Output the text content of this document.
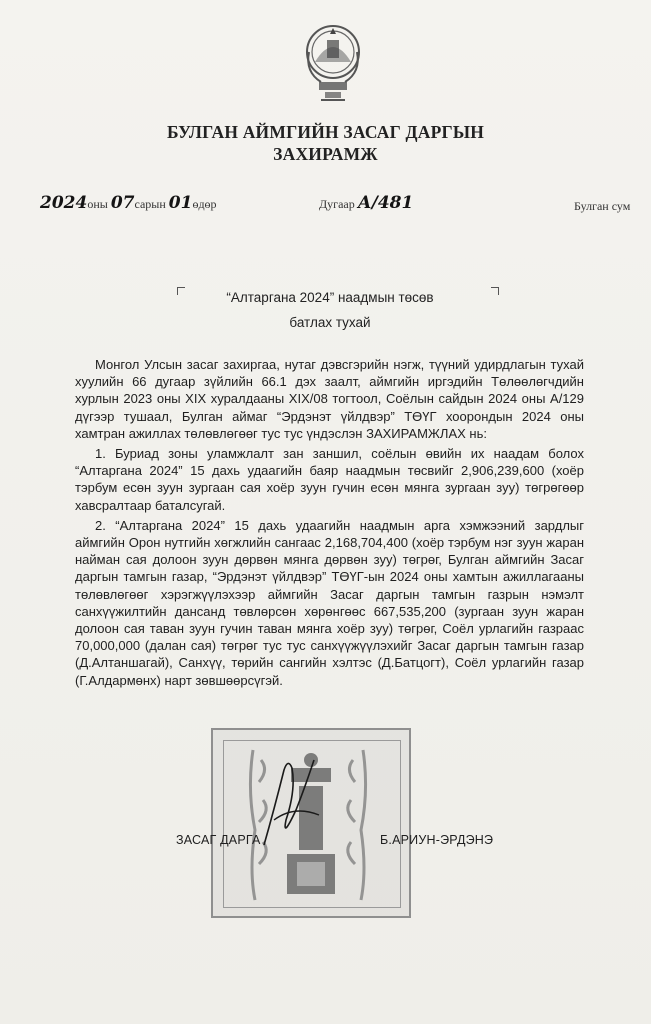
БУЛГАН АЙМГИЙН ЗАСАГ ДАРГЫН
ЗАХИРАМЖ
2024оны 07сарын 01өдөр	Дугаар А/481	Булган сум
“Алтаргана 2024” наадмын төсөв
батлах тухай

Монгол Улсын засаг захиргаа, нутаг дэвсгэрийн нэгж, түүний удирдлагын тухай хуулийн 66 дугаар зүйлийн 66.1 дэх заалт, аймгийн иргэдийн Төлөөлөгчдийн хурлын 2023 оны XIX хуралдааны XIX/08 тогтоол, Соёлын сайдын 2024 оны А/129 дүгээр тушаал, Булган аймаг “Эрдэнэт үйлдвэр” ТӨҮГ хоорондын 2024 оны хамтран ажиллах төлөвлөгөөг тус тус үндэслэн ЗАХИРАМЖЛАХ нь:

1. Буриад зоны уламжлалт зан заншил, соёлын өвийн их наадам болох “Алтаргана 2024” 15 дахь удаагийн баяр наадмын төсвийг 2,906,239,600 (хоёр тэрбум есөн зуун зургаан сая хоёр зуун гучин есөн мянга зургаан зуу) төгрөгөөр хавсралтаар баталсугай.

2. “Алтаргана 2024” 15 дахь удаагийн наадмын арга хэмжээний зардлыг аймгийн Орон нутгийн хөгжлийн сангаас 2,168,704,400 (хоёр тэрбум нэг зуун жаран найман сая долоон зуун дөрвөн мянга дөрвөн зуу) төгрөг, Булган аймгийн Засаг даргын тамгын газар, “Эрдэнэт үйлдвэр” ТӨҮГ-ын 2024 оны хамтын ажиллагааны төлөвлөгөөг хэрэгжүүлэхээр аймгийн Засаг даргын тамгын газрын нэмэлт санхүүжилтийн дансанд төвлөрсөн хөрөнгөөс 667,535,200 (зургаан зуун жаран долоон сая таван зуун гучин таван мянга хоёр зуу) төгрөг, Соёл урлагийн газраас 70,000,000 (далан сая) төгрөг тус тус санхүүжүүлэхийг Засаг даргын тамгын газар (Д.Алтаншагай), Санхүү, төрийн сангийн хэлтэс (Д.Батцогт), Соёл урлагийн газар (Г.Алдармөнх) нарт зөвшөөрсүгэй.

ЗАСАГ ДАРГА	Б.АРИУН-ЭРДЭНЭ
